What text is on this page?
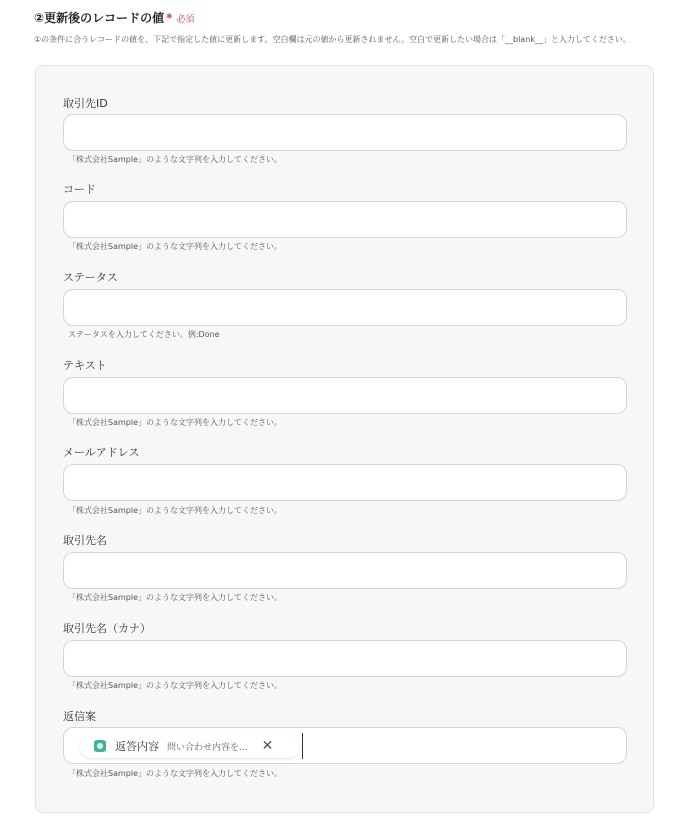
②更新後のレコードの値 * 必須
①の条件に合うレコードの値を、下記で指定した値に更新します。空白欄は元の値から更新されません。空白で更新したい場合は「__blank__」と入力してください。
取引先ID
「株式会社Sample」のような文字列を入力してください。
コード
「株式会社Sample」のような文字列を入力してください。
ステータス
ステータスを入力してください。例:Done
テキスト
「株式会社Sample」のような文字列を入力してください。
メールアドレス
「株式会社Sample」のような文字列を入力してください。
取引先名
「株式会社Sample」のような文字列を入力してください。
取引先名（カナ）
「株式会社Sample」のような文字列を入力してください。
返信案
「株式会社Sample」のような文字列を入力してください。
返答内容 問い合わせ内容を... ✕
